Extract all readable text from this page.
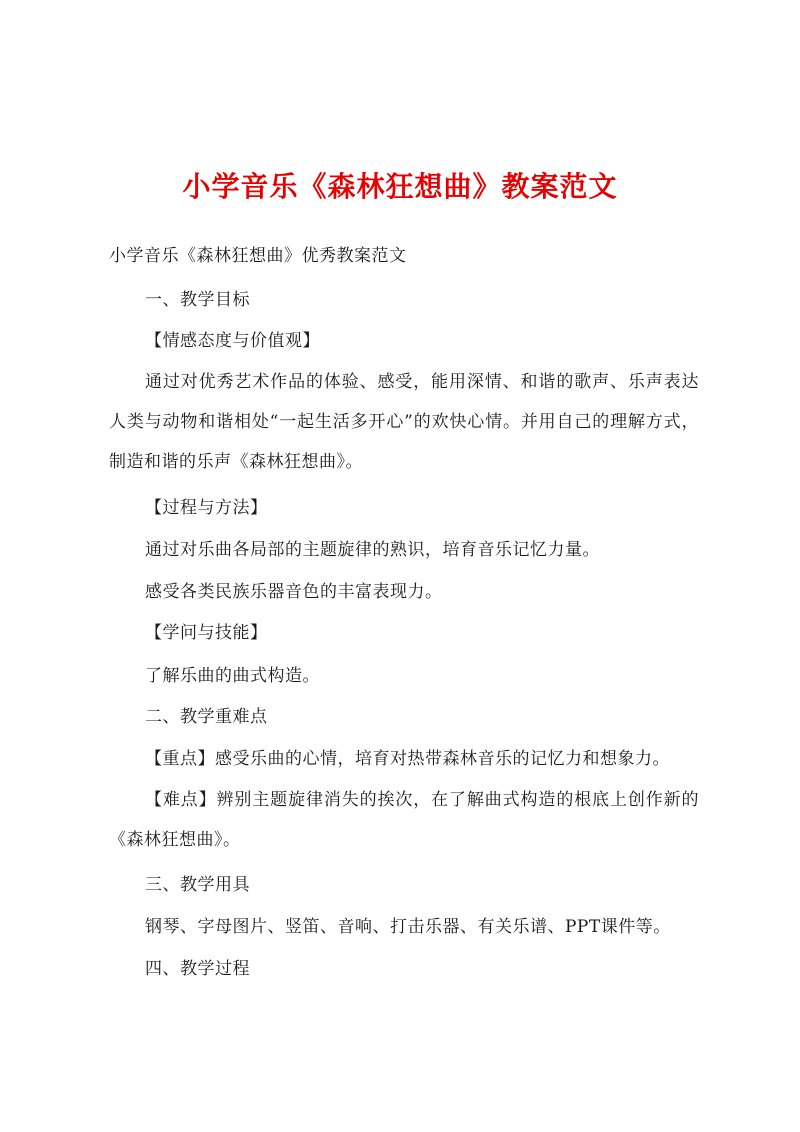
小学音乐《森林狂想曲》教案范文

小学音乐《森林狂想曲》优秀教案范文

一、教学目标

【情感态度与价值观】

通过对优秀艺术作品的体验、感受，能用深情、和谐的歌声、乐声表达人类与动物和谐相处“一起生活多开心”的欢快心情。并用自己的理解方式，制造和谐的乐声《森林狂想曲》。

【过程与方法】

通过对乐曲各局部的主题旋律的熟识，培育音乐记忆力量。

感受各类民族乐器音色的丰富表现力。

【学问与技能】

了解乐曲的曲式构造。

二、教学重难点

【重点】感受乐曲的心情，培育对热带森林音乐的记忆力和想象力。

【难点】辨别主题旋律消失的挨次，在了解曲式构造的根底上创作新的《森林狂想曲》。

三、教学用具

钢琴、字母图片、竖笛、音响、打击乐器、有关乐谱、PPT课件等。

四、教学过程
